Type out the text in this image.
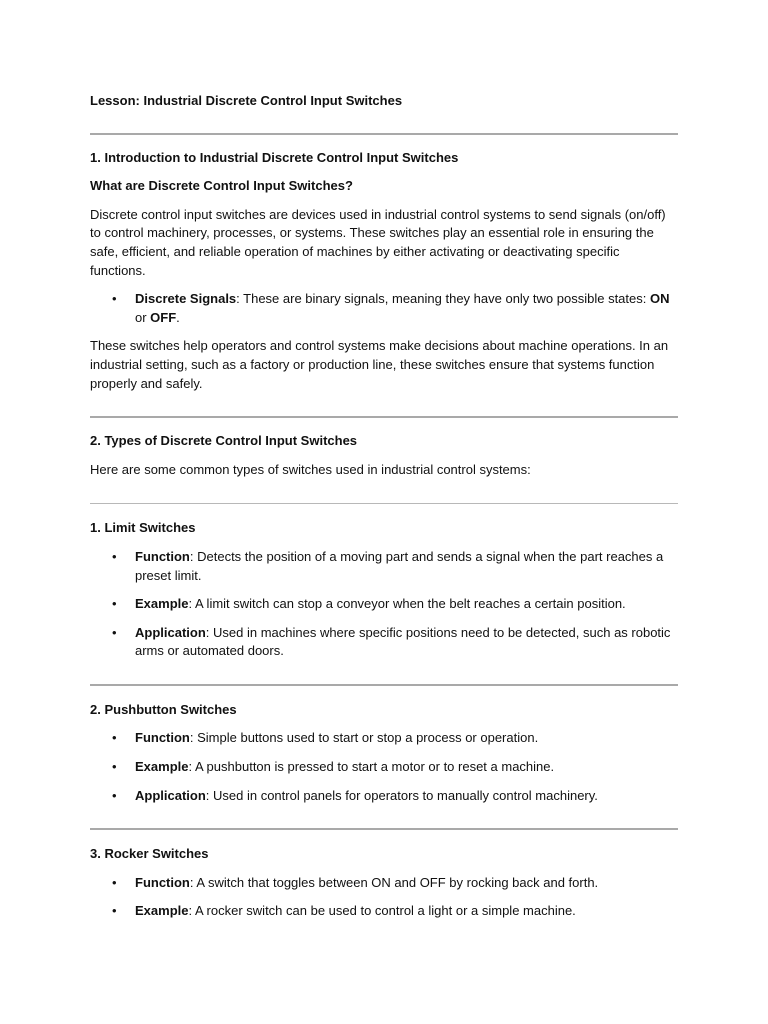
Lesson: Industrial Discrete Control Input Switches

1. Introduction to Industrial Discrete Control Input Switches

What are Discrete Control Input Switches?

Discrete control input switches are devices used in industrial control systems to send signals (on/off) to control machinery, processes, or systems. These switches play an essential role in ensuring the safe, efficient, and reliable operation of machines by either activating or deactivating specific functions.

• Discrete Signals: These are binary signals, meaning they have only two possible states: ON or OFF.

These switches help operators and control systems make decisions about machine operations. In an industrial setting, such as a factory or production line, these switches ensure that systems function properly and safely.

2. Types of Discrete Control Input Switches

Here are some common types of switches used in industrial control systems:

1. Limit Switches

• Function: Detects the position of a moving part and sends a signal when the part reaches a preset limit.
• Example: A limit switch can stop a conveyor when the belt reaches a certain position.
• Application: Used in machines where specific positions need to be detected, such as robotic arms or automated doors.

2. Pushbutton Switches

• Function: Simple buttons used to start or stop a process or operation.
• Example: A pushbutton is pressed to start a motor or to reset a machine.
• Application: Used in control panels for operators to manually control machinery.

3. Rocker Switches

• Function: A switch that toggles between ON and OFF by rocking back and forth.
• Example: A rocker switch can be used to control a light or a simple machine.
